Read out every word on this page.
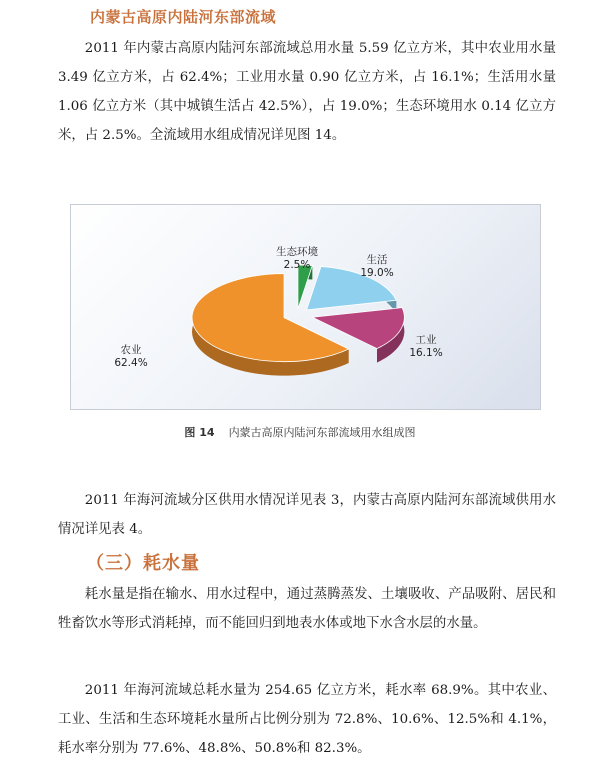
内蒙古高原内陆河东部流域

2011 年内蒙古高原内陆河东部流域总用水量 5.59 亿立方米，其中农业用水量 3.49 亿立方米，占 62.4%；工业用水量 0.90 亿立方米，占 16.1%；生活用水量 1.06 亿立方米（其中城镇生活占 42.5%），占 19.0%；生态环境用水 0.14 亿立方米，占 2.5%。全流域用水组成情况详见图 14。

生态环境
2.5%	生活
19.0%
工业
16.1%
农业
62.4%

图 14 内蒙古高原内陆河东部流域用水组成图

2011 年海河流域分区供用水情况详见表 3，内蒙古高原内陆河东部流域供用水情况详见表 4。

（三）耗水量

耗水量是指在输水、用水过程中，通过蒸腾蒸发、土壤吸收、产品吸附、居民和牲畜饮水等形式消耗掉，而不能回归到地表水体或地下水含水层的水量。

2011 年海河流域总耗水量为 254.65 亿立方米，耗水率 68.9%。其中农业、工业、生活和生态环境耗水量所占比例分别为 72.8%、10.6%、12.5%和 4.1%，耗水率分别为 77.6%、48.8%、50.8%和 82.3%。
